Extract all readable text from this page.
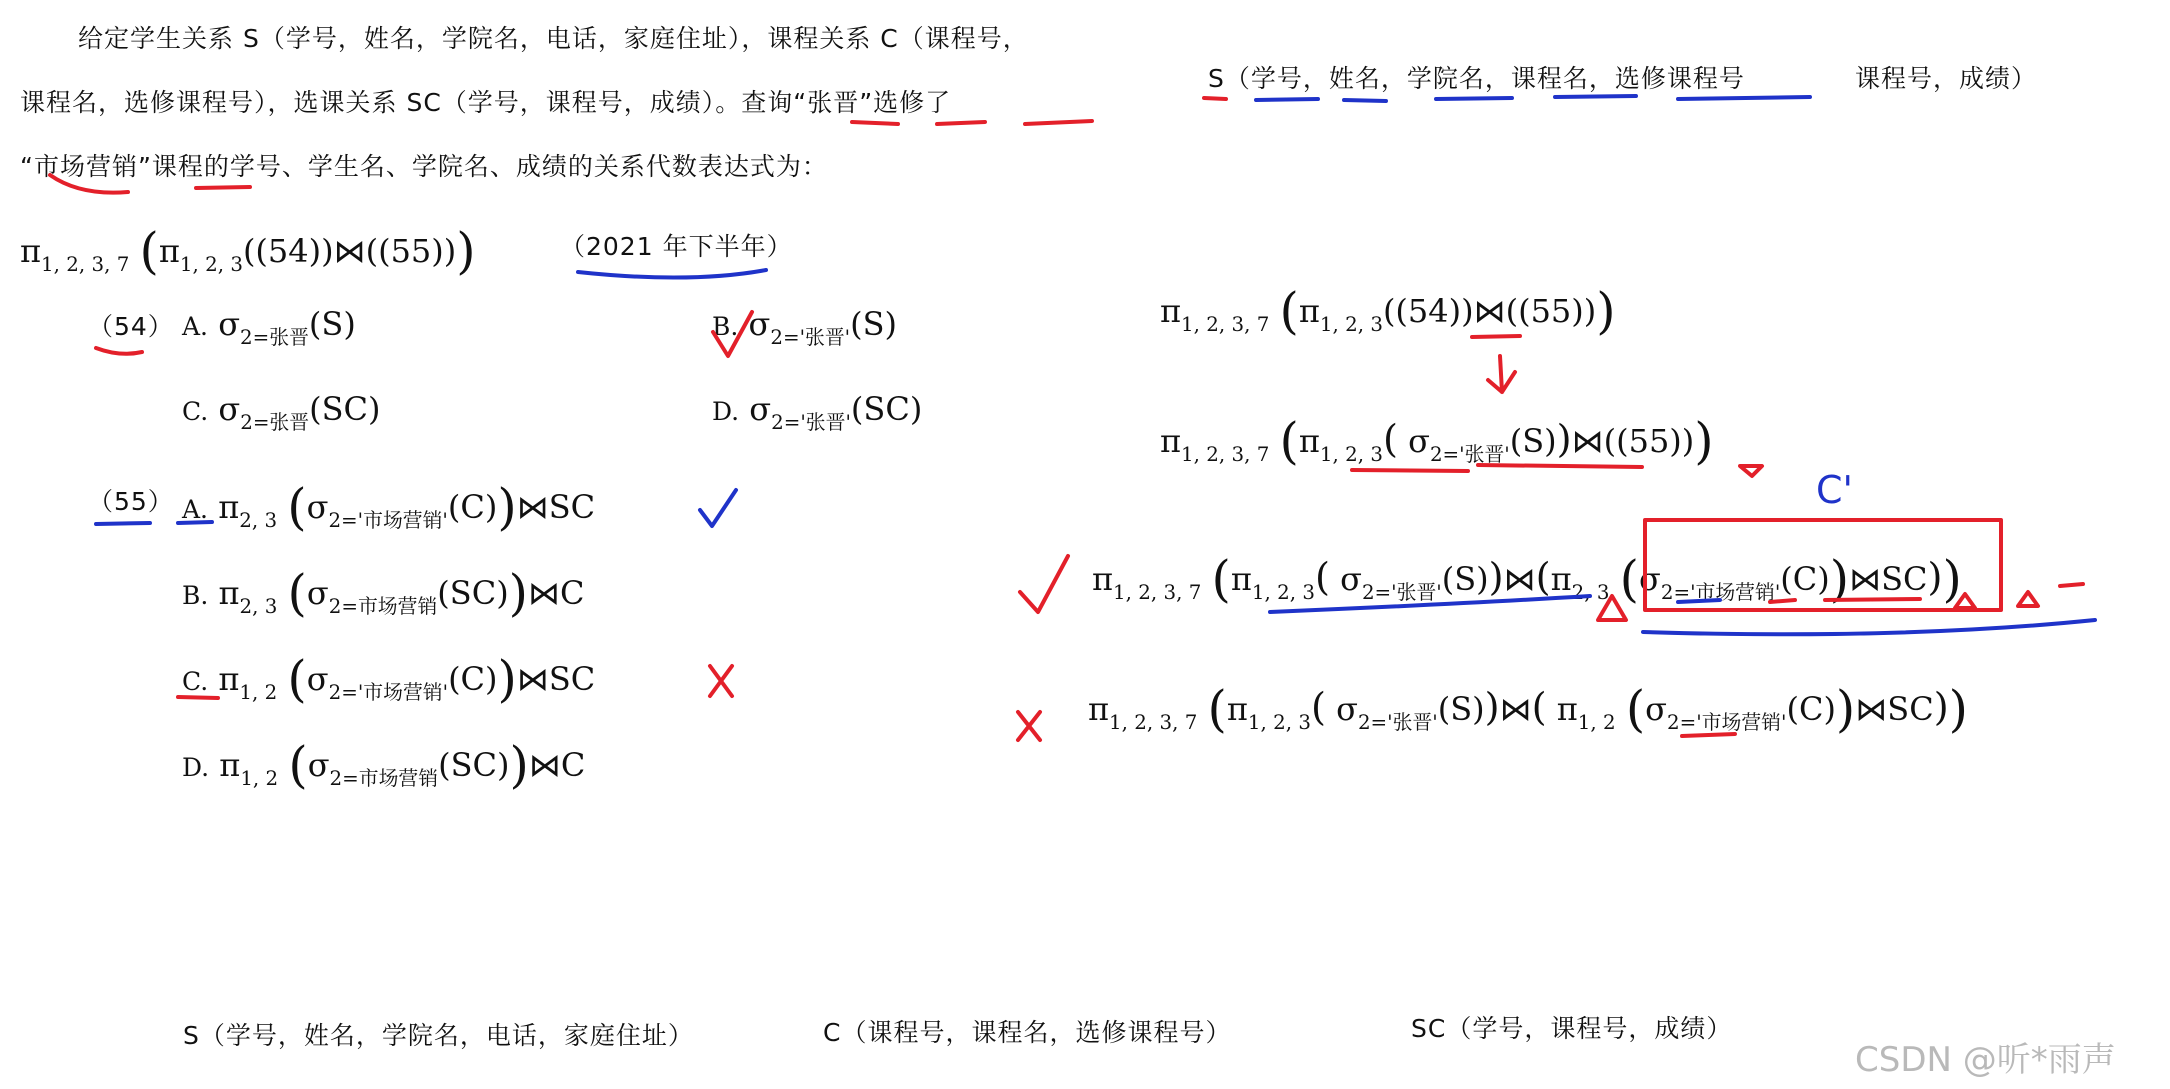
给定学生关系 S（学号，姓名，学院名，电话，家庭住址），课程关系 C（课程号，
课程名，选修课程号），选课关系 SC（学号，课程号，成绩）。查询“张晋”选修了
“市场营销”课程的学号、学生名、学院名、成绩的关系代数表达式为：
$\pi_{1, 2, 3, 7}$ $(\pi_{1, 2, 3}((54))⋈((55)))$	（2021 年下半年）
（54） A. $\sigma_{2=张晋}(S)$	B. $\sigma_{2='张晋'}(S)$
C. $\sigma_{2=张晋}(SC)$	D. $\sigma_{2='张晋'}(SC)$
（55） A. $\pi_{2, 3}$ $(\sigma_{2='市场营销'}(C))⋈SC$
B. $\pi_{2, 3}$ $(\sigma_{2=市场营销}(SC))⋈C$
C. $\pi_{1, 2}$ $(\sigma_{2='市场营销'}(C))⋈SC$
D. $\pi_{1, 2}$ $(\sigma_{2=市场营销}(SC))⋈C$
S（学号，姓名，学院名，课程名，选修课程号	课程号，成绩）
$\pi_{1, 2, 3, 7}$ $(\pi_{1, 2, 3}((54))⋈((55)))$
$\pi_{1, 2, 3, 7}$ ($\pi_{1, 2, 3}$( $\sigma_{2='张晋'}(S))⋈((55))$)
$\pi_{1, 2, 3, 7}$ ($\pi_{1, 2, 3}$( $\sigma_{2='张晋'}(S))⋈(\pi_{2, 3}$ $(\sigma_{2='市场营销'}(C))⋈SC$))
$\pi_{1, 2, 3, 7}$ ($\pi_{1, 2, 3}$( $\sigma_{2='张晋'}(S))⋈$( $\pi_{1, 2}$ $(\sigma_{2='市场营销'}(C))⋈SC$))
C'
S（学号，姓名，学院名，电话，家庭住址）	C（课程号，课程名，选修课程号）	SC（学号，课程号，成绩）
CSDN @听*雨声
